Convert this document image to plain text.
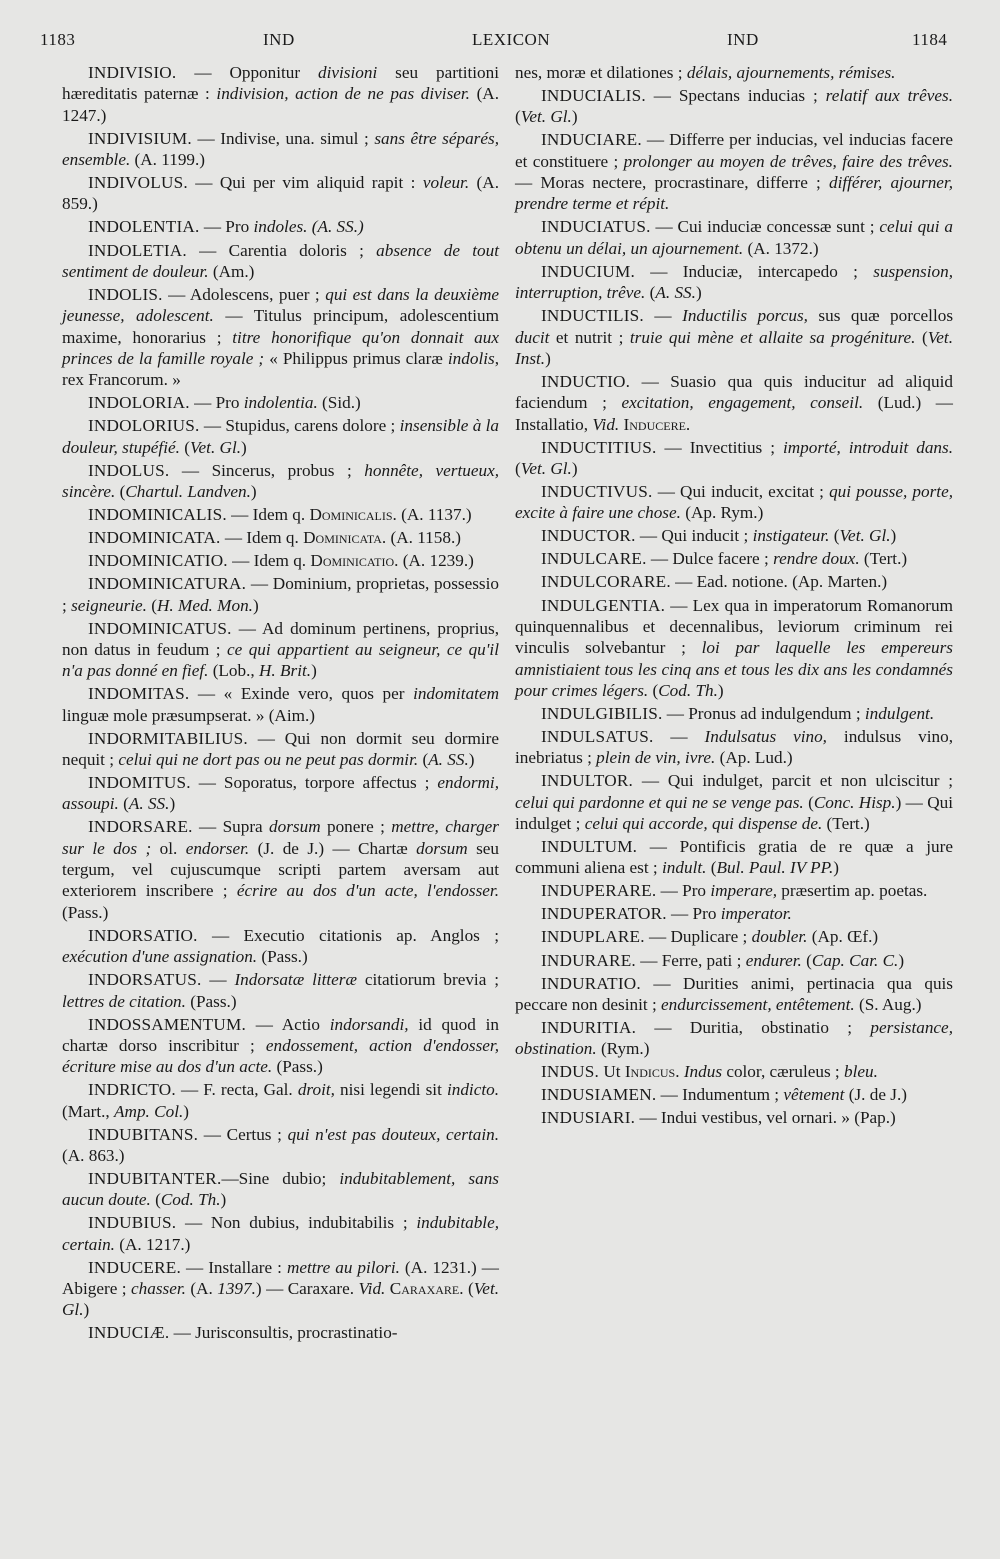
1183	IND	LEXICON	IND	1184

INDIVISIO. — Opponitur divisioni seu partitioni hæreditatis paternæ : indivision, action de ne pas diviser. (A. 1247.)

INDIVISIUM. — Indivise, una. simul ; sans être séparés, ensemble. (A. 1199.)

INDIVOLUS. — Qui per vim aliquid rapit : voleur. (A. 859.)

INDOLENTIA. — Pro indoles. (A. SS.)

INDOLETIA. — Carentia doloris ; absence de tout sentiment de douleur. (Am.)

INDOLIS. — Adolescens, puer ; qui est dans la deuxième jeunesse, adolescent. — Titulus principum, adolescentium maxime, honorarius ; titre honorifique qu'on donnait aux princes de la famille royale ; « Philippus primus claræ indolis, rex Francorum. »

INDOLORIA. — Pro indolentia. (Sid.)

INDOLORIUS. — Stupidus, carens dolore ; insensible à la douleur, stupéfié. (Vet. Gl.)

INDOLUS. — Sincerus, probus ; honnête, vertueux, sincère. (Chartul. Landven.)

INDOMINICALIS. — Idem q. Dominicalis. (A. 1137.)

INDOMINICATA. — Idem q. Dominicata. (A. 1158.)

INDOMINICATIO. — Idem q. Dominicatio. (A. 1239.)

INDOMINICATURA. — Dominium, proprietas, possessio ; seigneurie. (H. Med. Mon.)

INDOMINICATUS. — Ad dominum pertinens, proprius, non datus in feudum ; ce qui appartient au seigneur, ce qu'il n'a pas donné en fief. (Lob., H. Brit.)

INDOMITAS. — « Exinde vero, quos per indomitatem linguæ mole præsumpserat. » (Aim.)

INDORMITABILIUS. — Qui non dormit seu dormire nequit ; celui qui ne dort pas ou ne peut pas dormir. (A. SS.)

INDOMITUS. — Soporatus, torpore affectus ; endormi, assoupi. (A. SS.)

INDORSARE. — Supra dorsum ponere ; mettre, charger sur le dos ; ol. endorser. (J. de J.) — Chartæ dorsum seu tergum, vel cujuscumque scripti partem aversam aut exteriorem inscribere ; écrire au dos d'un acte, l'endosser. (Pass.)

INDORSATIO. — Executio citationis ap. Anglos ; exécution d'une assignation. (Pass.)

INDORSATUS. — Indorsatæ litteræ citatiorum brevia ; lettres de citation. (Pass.)

INDOSSAMENTUM. — Actio indorsandi, id quod in chartæ dorso inscribitur ; endossement, action d'endosser, écriture mise au dos d'un acte. (Pass.)

INDRICTO. — F. recta, Gal. droit, nisi legendi sit indicto. (Mart., Amp. Col.)

INDUBITANS. — Certus ; qui n'est pas douteux, certain. (A. 863.)

INDUBITANTER.—Sine dubio; indubitablement, sans aucun doute. (Cod. Th.)

INDUBIUS. — Non dubius, indubitabilis ; indubitable, certain. (A. 1217.)

INDUCERE. — Installare : mettre au pilori. (A. 1231.) — Abigere ; chasser. (A. 1397.) — Caraxare. Vid. Caraxare. (Vet. Gl.)

INDUCIÆ. — Jurisconsultis, procrastinatio-

nes, moræ et dilationes ; délais, ajournements, rémises.

INDUCIALIS. — Spectans inducias ; relatif aux trêves. (Vet. Gl.)

INDUCIARE. — Differre per inducias, vel inducias facere et constituere ; prolonger au moyen de trêves, faire des trêves. — Moras nectere, procrastinare, differre ; différer, ajourner, prendre terme et répit.

INDUCIATUS. — Cui induciæ concessæ sunt ; celui qui a obtenu un délai, un ajournement. (A. 1372.)

INDUCIUM. — Induciæ, intercapedo ; suspension, interruption, trêve. (A. SS.)

INDUCTILIS. — Inductilis porcus, sus quæ porcellos ducit et nutrit ; truie qui mène et allaite sa progéniture. (Vet. Inst.)

INDUCTIO. — Suasio qua quis inducitur ad aliquid faciendum ; excitation, engagement, conseil. (Lud.) — Installatio, Vid. Inducere.

INDUCTITIUS. — Invectitius ; importé, introduit dans. (Vet. Gl.)

INDUCTIVUS. — Qui inducit, excitat ; qui pousse, porte, excite à faire une chose. (Ap. Rym.)

INDUCTOR. — Qui inducit ; instigateur. (Vet. Gl.)

INDULCARE. — Dulce facere ; rendre doux. (Tert.)

INDULCORARE. — Ead. notione. (Ap. Marten.)

INDULGENTIA. — Lex qua in imperatorum Romanorum quinquennalibus et decennalibus, leviorum criminum rei vinculis solvebantur ; loi par laquelle les empereurs amnistiaient tous les cinq ans et tous les dix ans les condamnés pour crimes légers. (Cod. Th.)

INDULGIBILIS. — Pronus ad indulgendum ; indulgent.

INDULSATUS. — Indulsatus vino, indulsus vino, inebriatus ; plein de vin, ivre. (Ap. Lud.)

INDULTOR. — Qui indulget, parcit et non ulciscitur ; celui qui pardonne et qui ne se venge pas. (Conc. Hisp.) — Qui indulget ; celui qui accorde, qui dispense de. (Tert.)

INDULTUM. — Pontificis gratia de re quæ a jure communi aliena est ; indult. (Bul. Paul. IV PP.)

INDUPERARE. — Pro imperare, præsertim ap. poetas.

INDUPERATOR. — Pro imperator.

INDUPLARE. — Duplicare ; doubler. (Ap. Œf.)

INDURARE. — Ferre, pati ; endurer. (Cap. Car. C.)

INDURATIO. — Durities animi, pertinacia qua quis peccare non desinit ; endurcissement, entêtement. (S. Aug.)

INDURITIA. — Duritia, obstinatio ; persistance, obstination. (Rym.)

INDUS. Ut Indicus. Indus color, cæruleus ; bleu.

INDUSIAMEN. — Indumentum ; vêtement (J. de J.)

INDUSIARI. — Indui vestibus, vel ornari. » (Pap.)
